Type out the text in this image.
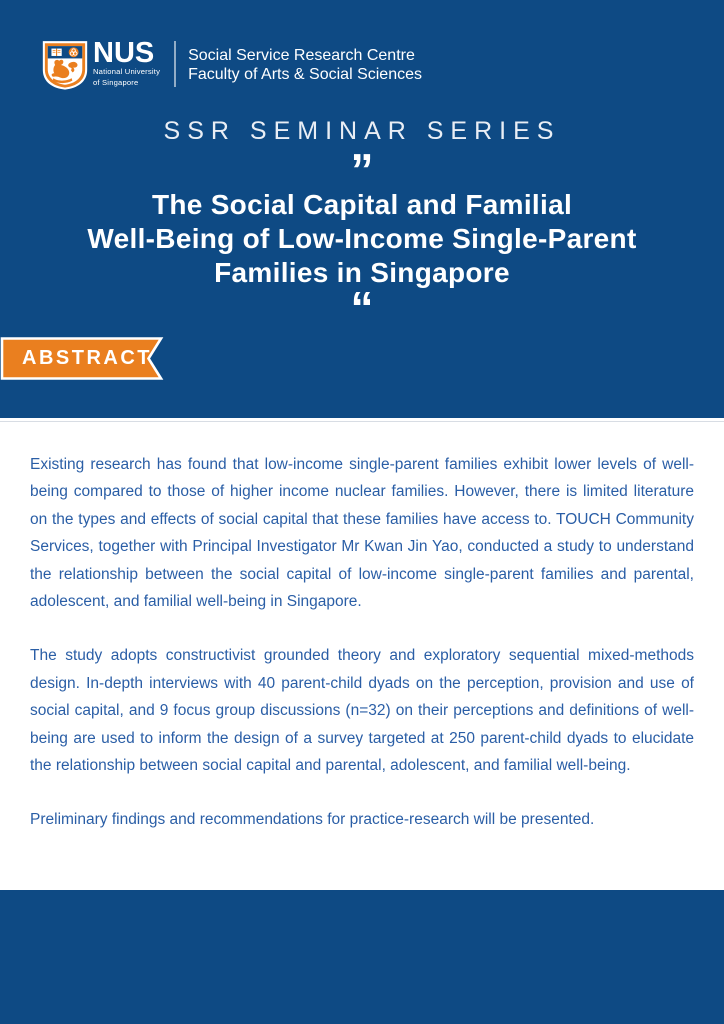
NUS
National University
of Singapore
Social Service Research Centre
Faculty of Arts & Social Sciences
SSR SEMINAR SERIES
”
The Social Capital and Familial
Well-Being of Low-Income Single-Parent
Families in Singapore
“
ABSTRACT

Existing research has found that low-income single-parent families exhibit lower levels of well-being compared to those of higher income nuclear families. However, there is limited literature on the types and effects of social capital that these families have access to. TOUCH Community Services, together with Principal Investigator Mr Kwan Jin Yao, conducted a study to understand the relationship between the social capital of low-income single-parent families and parental, adolescent, and familial well-being in Singapore.

The study adopts constructivist grounded theory and exploratory sequential mixed-methods design. In-depth interviews with 40 parent-child dyads on the perception, provision and use of social capital, and 9 focus group discussions (n=32) on their perceptions and definitions of well-being are used to inform the design of a survey targeted at 250 parent-child dyads to elucidate the relationship between social capital and parental, adolescent, and familial well-being.

Preliminary findings and recommendations for practice-research will be presented.
